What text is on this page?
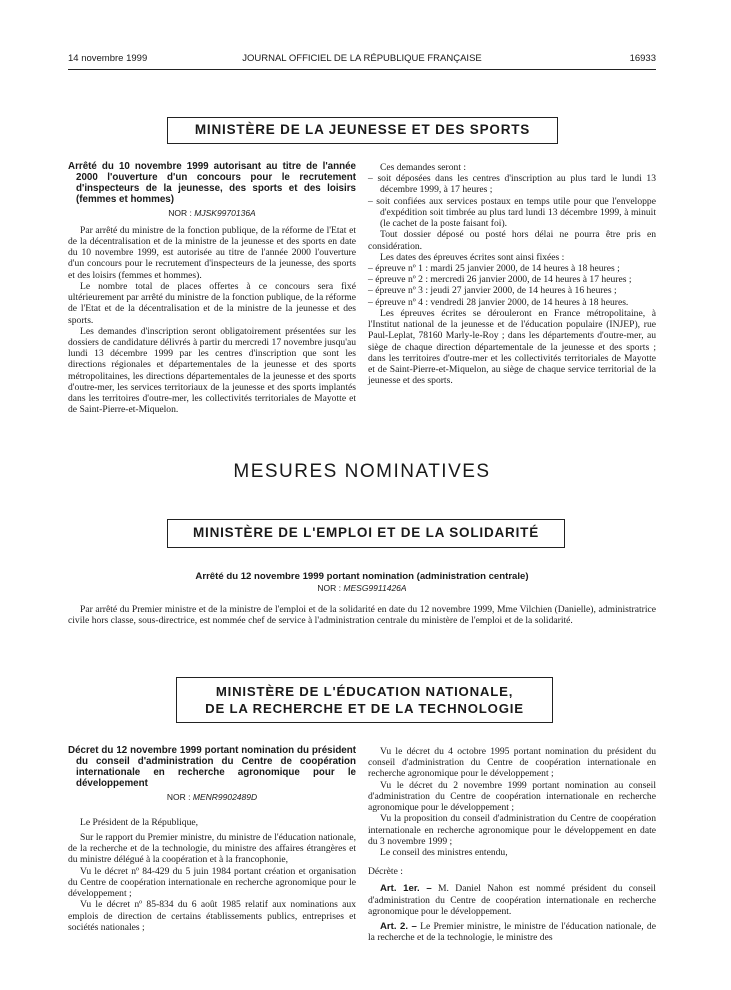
14 novembre 1999	JOURNAL OFFICIEL DE LA RÉPUBLIQUE FRANÇAISE	16933
MINISTÈRE DE LA JEUNESSE ET DES SPORTS

Arrêté du 10 novembre 1999 autorisant au titre de l'année 2000 l'ouverture d'un concours pour le recrutement d'inspecteurs de la jeunesse, des sports et des loisirs (femmes et hommes)

NOR : MJSK9970136A

Par arrêté du ministre de la fonction publique, de la réforme de l'Etat et de la décentralisation et de la ministre de la jeunesse et des sports en date du 10 novembre 1999, est autorisée au titre de l'année 2000 l'ouverture d'un concours pour le recrutement d'inspecteurs de la jeunesse, des sports et des loisirs (femmes et hommes).

Le nombre total de places offertes à ce concours sera fixé ultérieurement par arrêté du ministre de la fonction publique, de la réforme de l'Etat et de la décentralisation et de la ministre de la jeunesse et des sports.

Les demandes d'inscription seront obligatoirement présentées sur les dossiers de candidature délivrés à partir du mercredi 17 novembre jusqu'au lundi 13 décembre 1999 par les centres d'inscription que sont les directions régionales et départementales de la jeunesse et des sports métropolitaines, les directions départementales de la jeunesse et des sports d'outre-mer, les services territoriaux de la jeunesse et des sports implantés dans les territoires d'outre-mer, les collectivités territoriales de Mayotte et de Saint-Pierre-et-Miquelon.

Ces demandes seront :

– soit déposées dans les centres d'inscription au plus tard le lundi 13 décembre 1999, à 17 heures ;
– soit confiées aux services postaux en temps utile pour que l'enveloppe d'expédition soit timbrée au plus tard lundi 13 décembre 1999, à minuit (le cachet de la poste faisant foi).

Tout dossier déposé ou posté hors délai ne pourra être pris en considération.

Les dates des épreuves écrites sont ainsi fixées :

– épreuve nº 1 : mardi 25 janvier 2000, de 14 heures à 18 heures ;
– épreuve nº 2 : mercredi 26 janvier 2000, de 14 heures à 17 heures ;
– épreuve nº 3 : jeudi 27 janvier 2000, de 14 heures à 16 heures ;
– épreuve nº 4 : vendredi 28 janvier 2000, de 14 heures à 18 heures.

Les épreuves écrites se dérouleront en France métropolitaine, à l'Institut national de la jeunesse et de l'éducation populaire (INJEP), rue Paul-Leplat, 78160 Marly-le-Roy ; dans les départements d'outre-mer, au siège de chaque direction départementale de la jeunesse et des sports ; dans les territoires d'outre-mer et les collectivités territoriales de Mayotte et de Saint-Pierre-et-Miquelon, au siège de chaque service territorial de la jeunesse et des sports.

MESURES NOMINATIVES
MINISTÈRE DE L'EMPLOI ET DE LA SOLIDARITÉ
Arrêté du 12 novembre 1999 portant nomination (administration centrale)
NOR : MESG9911426A

Par arrêté du Premier ministre et de la ministre de l'emploi et de la solidarité en date du 12 novembre 1999, Mme Vilchien (Danielle), administratrice civile hors classe, sous-directrice, est nommée chef de service à l'administration centrale du ministère de l'emploi et de la solidarité.

MINISTÈRE DE L'ÉDUCATION NATIONALE,
DE LA RECHERCHE ET DE LA TECHNOLOGIE

Décret du 12 novembre 1999 portant nomination du président du conseil d'administration du Centre de coopération internationale en recherche agronomique pour le développement

NOR : MENR9902489D

Le Président de la République,

Sur le rapport du Premier ministre, du ministre de l'éducation nationale, de la recherche et de la technologie, du ministre des affaires étrangères et du ministre délégué à la coopération et à la francophonie,

Vu le décret nº 84-429 du 5 juin 1984 portant création et organisation du Centre de coopération internationale en recherche agronomique pour le développement ;

Vu le décret nº 85-834 du 6 août 1985 relatif aux nominations aux emplois de direction de certains établissements publics, entreprises et sociétés nationales ;

Vu le décret du 4 octobre 1995 portant nomination du président du conseil d'administration du Centre de coopération internationale en recherche agronomique pour le développement ;

Vu le décret du 2 novembre 1999 portant nomination au conseil d'administration du Centre de coopération internationale en recherche agronomique pour le développement ;

Vu la proposition du conseil d'administration du Centre de coopération internationale en recherche agronomique pour le développement en date du 3 novembre 1999 ;

Le conseil des ministres entendu,

Décrète :

Art. 1er. – M. Daniel Nahon est nommé président du conseil d'administration du Centre de coopération internationale en recherche agronomique pour le développement.

Art. 2. – Le Premier ministre, le ministre de l'éducation nationale, de la recherche et de la technologie, le ministre des
